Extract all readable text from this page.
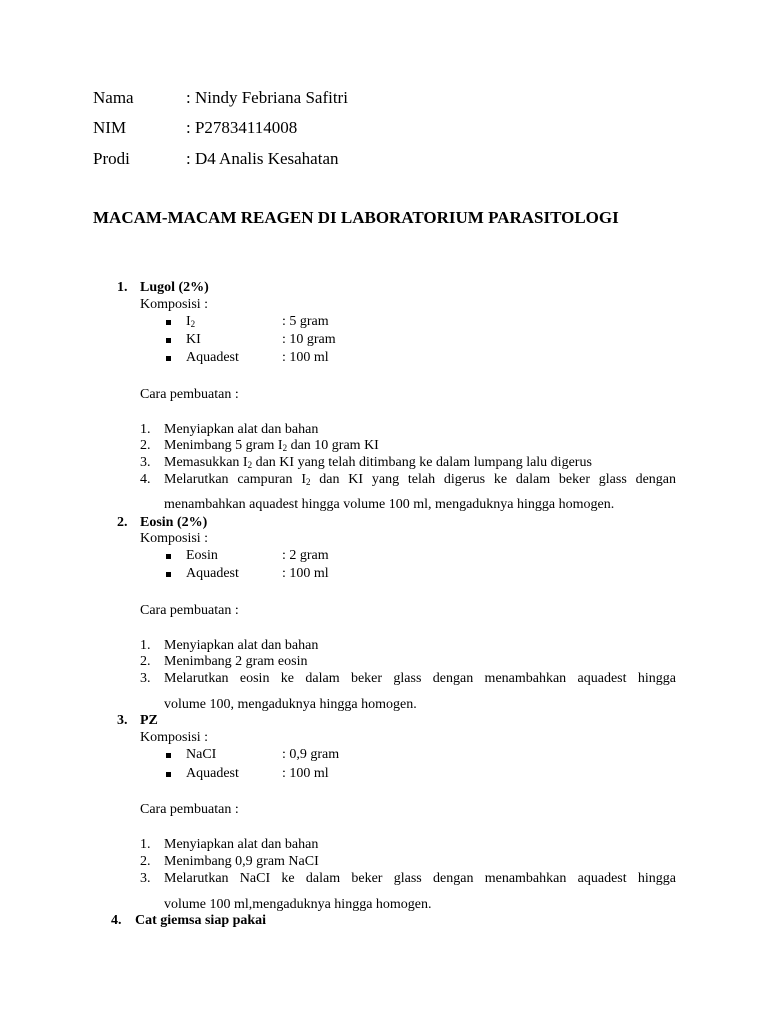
Nama	: Nindy Febriana Safitri
NIM	: P27834114008
Prodi	: D4 Analis Kesahatan
MACAM-MACAM REAGEN DI LABORATORIUM PARASITOLOGI
1. Lugol (2%)
Komposisi :
$I_2$	: 5 gram
KI	: 10 gram
Aquadest	: 100 ml
Cara pembuatan :
1. Menyiapkan alat dan bahan
2. Menimbang 5 gram $I_2$ dan 10 gram KI
3. Memasukkan $I_2$ dan KI yang telah ditimbang ke dalam lumpang lalu digerus
4. Melarutkan campuran $I_2$ dan KI yang telah digerus ke dalam beker glass dengan
menambahkan aquadest hingga volume 100 ml, mengaduknya hingga homogen.
2. Eosin (2%)
Komposisi :
Eosin	: 2 gram
Aquadest	: 100 ml
Cara pembuatan :
1. Menyiapkan alat dan bahan
2. Menimbang 2 gram eosin
3. Melarutkan eosin ke dalam beker glass dengan menambahkan aquadest hingga
volume 100, mengaduknya hingga homogen.
3. PZ
Komposisi :
NaCI	: 0,9 gram
Aquadest	: 100 ml
Cara pembuatan :
1. Menyiapkan alat dan bahan
2. Menimbang 0,9 gram NaCI
3. Melarutkan NaCI ke dalam beker glass dengan menambahkan aquadest hingga
volume 100 ml,mengaduknya hingga homogen.
4. Cat giemsa siap pakai
